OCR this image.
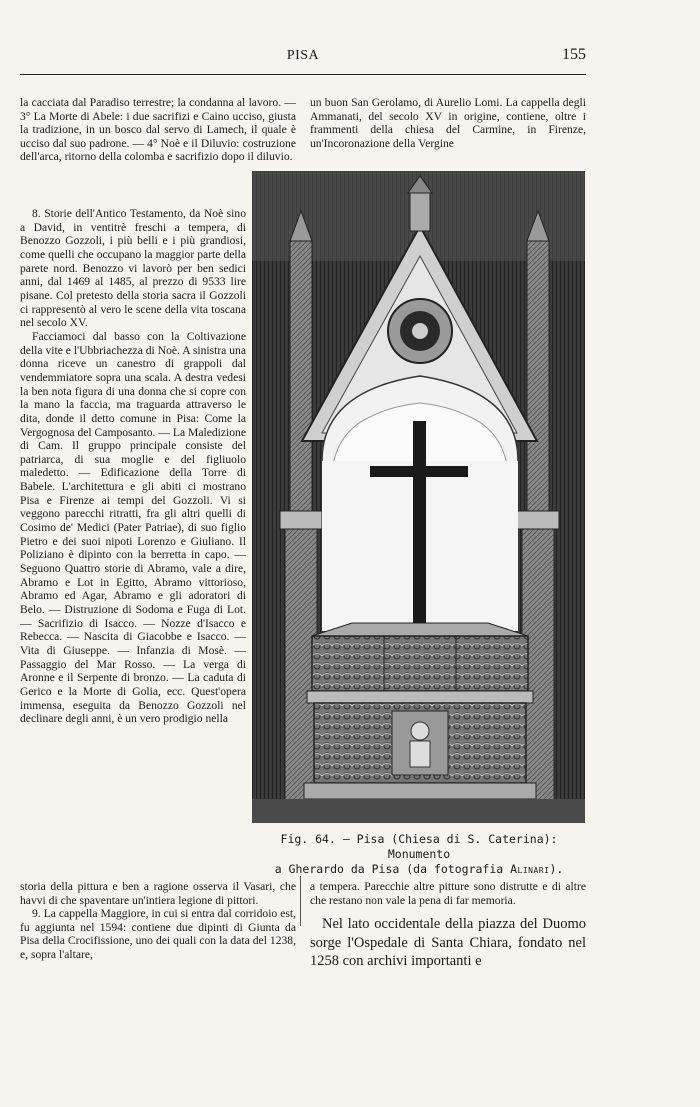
PISA	155

la cacciata dal Paradiso terrestre; la condanna al lavoro. — 3° La Morte di Abele: i due sacrifizi e Caino ucciso, giusta la tradizione, in un bosco dal servo di Lamech, il quale è ucciso dal suo padrone. — 4° Noè e il Diluvio: costruzione dell'arca, ritorno della colomba e sacrifizio dopo il diluvio.

8. Storie dell'Antico Testamento, da Noè sino a David, in ventitrè freschi a tempera, di Benozzo Gozzoli, i più belli e i più grandiosi, come quelli che occupano la maggior parte della parete nord. Benozzo vi lavorò per ben sedici anni, dal 1469 al 1485, al prezzo di 9533 lire pisane. Col pretesto della storia sacra il Gozzoli ci rappresentò al vero le scene della vita toscana nel secolo XV.

Facciamoci dal basso con la Coltivazione della vite e l'Ubbriachezza di Noè. A sinistra una donna riceve un canestro di grappoli dal vendemmiatore sopra una scala. A destra vedesi la ben nota figura di una donna che si copre con la mano la faccia, ma traguarda attraverso le dita, donde il detto comune in Pisa: Come la Vergognosa del Camposanto. — La Maledizione di Cam. Il gruppo principale consiste del patriarca, di sua moglie e del figliuolo maledetto. — Edificazione della Torre di Babele. L'architettura e gli abiti ci mostrano Pisa e Firenze ai tempi del Gozzoli. Vi si veggono parecchi ritratti, fra gli altri quelli di Cosimo de' Medici (Pater Patriae), di suo figlio Pietro e dei suoi nipoti Lorenzo e Giuliano. Il Poliziano è dipinto con la berretta in capo. — Seguono Quattro storie di Abramo, vale a dire, Abramo e Lot in Egitto, Abramo vittorioso, Abramo ed Agar, Abramo e gli adoratori di Belo. — Distruzione di Sodoma e Fuga di Lot. — Sacrifizio di Isacco. — Nozze d'Isacco e Rebecca. — Nascita di Giacobbe e Isacco. — Vita di Giuseppe. — Infanzia di Mosè. — Passaggio del Mar Rosso. — La verga di Aronne e il Serpente di bronzo. — La caduta di Gerico e la Morte di Golia, ecc. Quest'opera immensa, eseguita da Benozzo Gozzoli nel declinare degli anni, è un vero prodigio nella

storia della pittura e ben a ragione osserva il Vasari, che havvi di che spaventare un'intiera legione di pittori.

9. La cappella Maggiore, in cui si entra dal corridoio est, fu aggiunta nel 1594: contiene due dipinti di Giunta da Pisa della Crocifissione, uno dei quali con la data del 1238, e, sopra l'altare,

un buon San Gerolamo, di Aurelio Lomi. La cappella degli Ammanati, del secolo XV in origine, contiene, oltre i frammenti della chiesa del Carmine, in Firenze, un'Incoronazione della Vergine

Fig. 64. — Pisa (Chiesa di S. Caterina): Monumento
a Gherardo da Pisa (da fotografia Alinari).

a tempera. Parecchie altre pitture sono distrutte e di altre che restano non vale la pena di far memoria.

Nel lato occidentale della piazza del Duomo sorge l'Ospedale di Santa Chiara, fondato nel 1258 con archivi importanti e
